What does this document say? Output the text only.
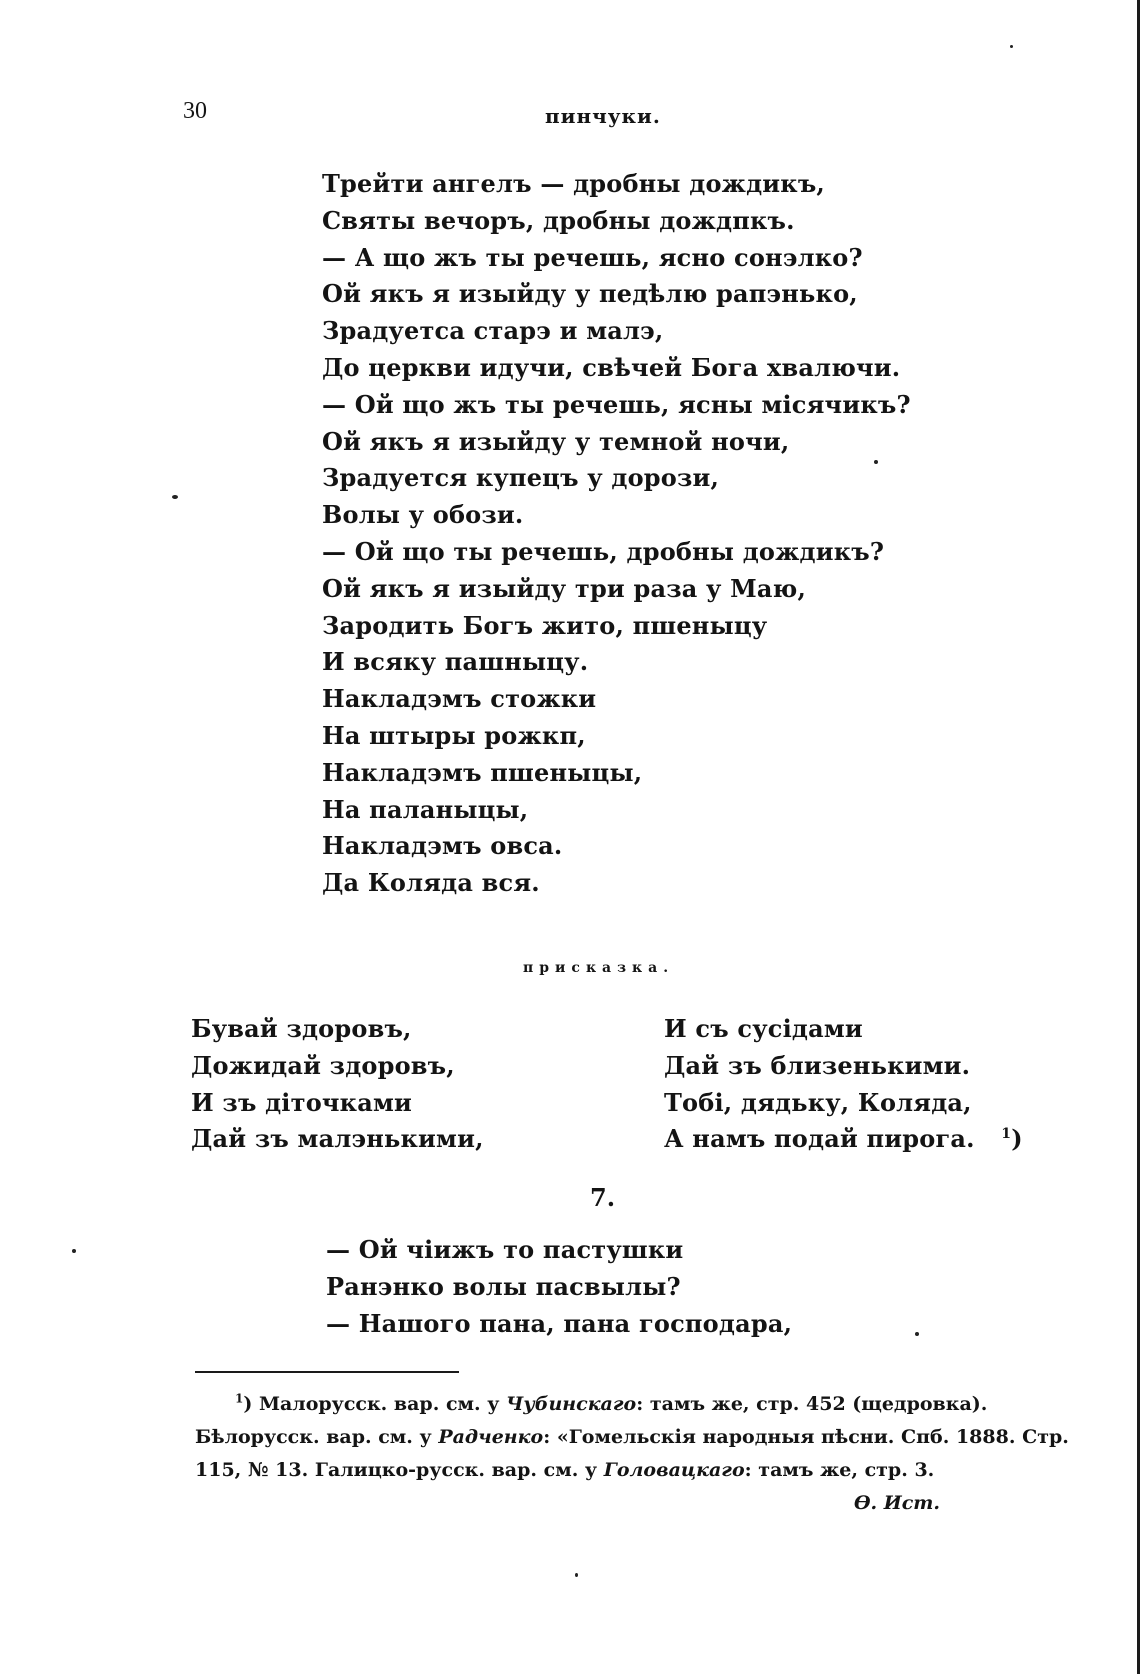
30	пинчуки.
Трейти ангелъ — дробны дождикъ,
Святы вечоръ, дробны дождпкъ.
— А що жъ ты речешь, ясно сонэлко?
Ой якъ я изыйду у педѣлю рапэнько,
Зрадуетса старэ и малэ,
До церкви идучи, свѣчей Бога хвалючи.
— Ой що жъ ты речешь, ясны місячикъ?
Ой якъ я изыйду у темной ночи,
Зрадуется купецъ у дорози,
Волы у обози.
— Ой що ты речешь, дробны дождикъ?
Ой якъ я изыйду три раза у Маю,
Зародить Богъ жито, пшеныцу
И всяку пашныцу.
Накладэмъ стожки
На штыры рожкп,
Накладэмъ пшеныцы,
На паланыцы,
Накладэмъ овса.
Да Коляда вся.
присказка.
Бувай здоровъ,
Дожидай здоровъ,
И зъ діточками
Дай зъ малэнькими,
И съ сусідами
Дай зъ близенькими.
Тобі, дядьку, Коляда,
А намъ подай пирога. $^1$)
7.
— Ой чіижъ то пастушки
Ранэнко волы пасвылы?
— Нашого пана, пана господара,
$^1$) Малорусск. вар. см. у Чубинскаго: тамъ же, стр. 452 (щедровка).
Бѣлорусск. вар. см. у Радченко: «Гомельскія народныя пѣсни. Спб. 1888. Стр.
115, № 13. Галицко-русск. вар. см. у Головацкаго: тамъ же, стр. 3.
Ѳ. Ист.
